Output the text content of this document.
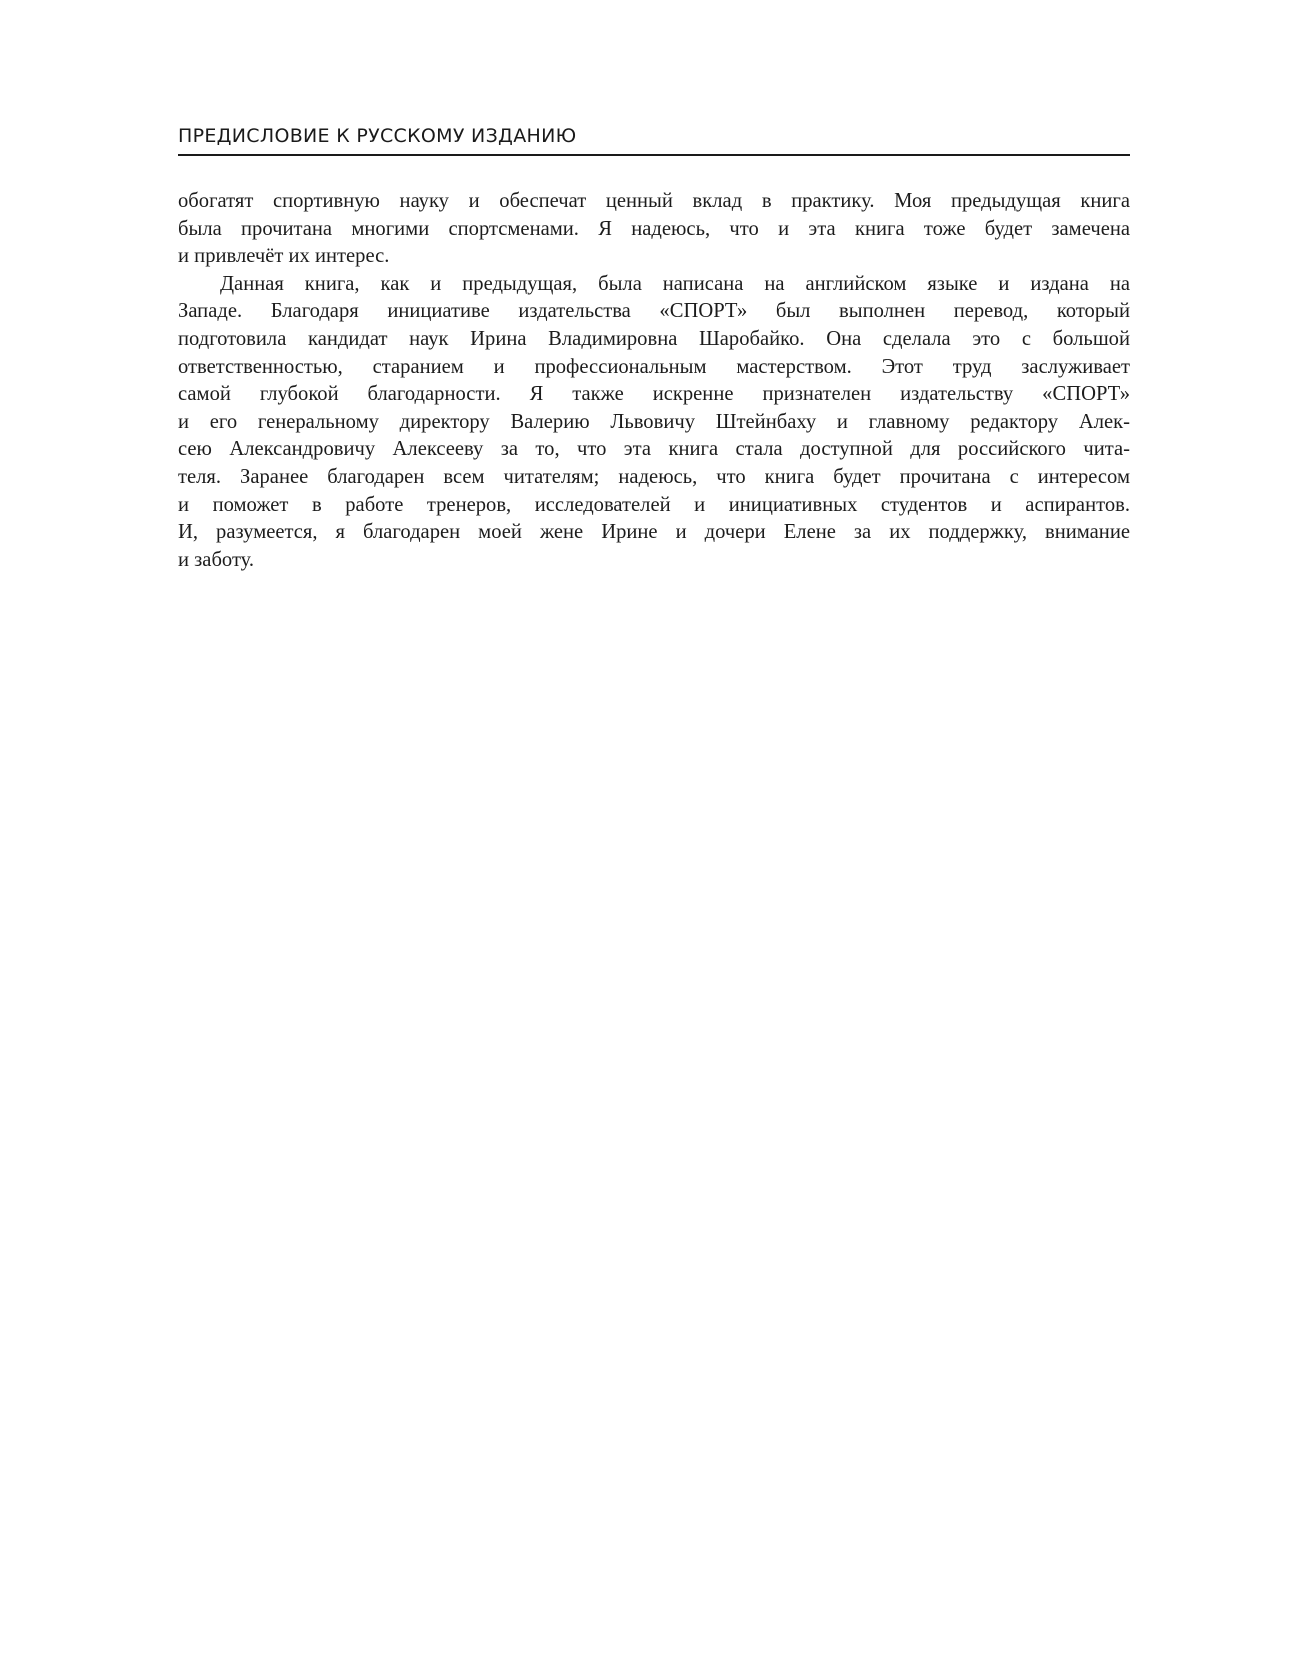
ПРЕДИСЛОВИЕ К РУССКОМУ ИЗДАНИЮ
обогатят спортивную науку и обеспечат ценный вклад в практику. Моя предыдущая книга
была прочитана многими спортсменами. Я надеюсь, что и эта книга тоже будет замечена
и привлечёт их интерес.
Данная книга, как и предыдущая, была написана на английском языке и издана на
Западе. Благодаря инициативе издательства «СПОРТ» был выполнен перевод, который
подготовила кандидат наук Ирина Владимировна Шаробайко. Она сделала это с большой
ответственностью, старанием и профессиональным мастерством. Этот труд заслуживает
самой глубокой благодарности. Я также искренне признателен издательству «СПОРТ»
и его генеральному директору Валерию Львовичу Штейнбаху и главному редактору Алек-
сею Александровичу Алексееву за то, что эта книга стала доступной для российского чита-
теля. Заранее благодарен всем читателям; надеюсь, что книга будет прочитана с интересом
и поможет в работе тренеров, исследователей и инициативных студентов и аспирантов.
И, разумеется, я благодарен моей жене Ирине и дочери Елене за их поддержку, внимание
и заботу.
